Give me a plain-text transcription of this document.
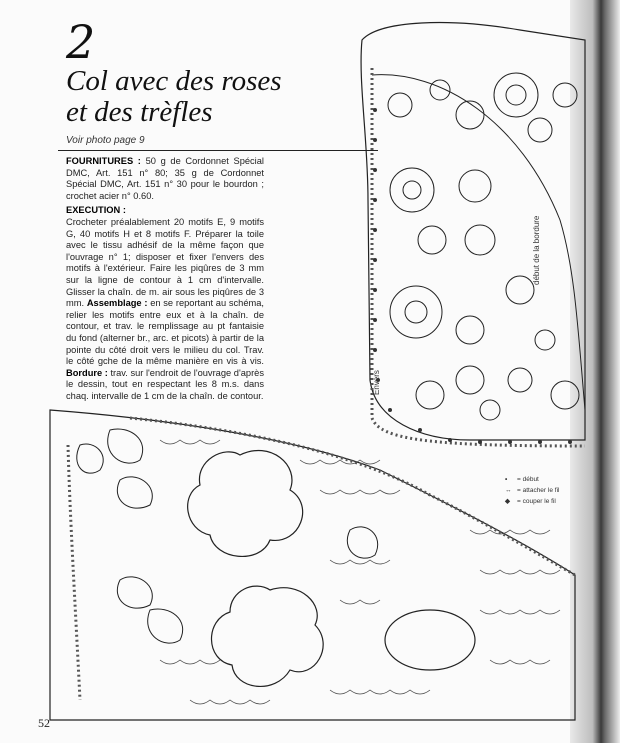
2
Col avec des roses
et des trèfles
Voir photo page 9

FOURNITURES : 50 g de Cordonnet Spécial DMC, Art. 151 n° 80; 35 g de Cordonnet Spécial DMC, Art. 151 n° 30 pour le bourdon ; crochet acier n° 0.60.

EXECUTION :
Crocheter préalablement 20 motifs E, 9 motifs G, 40 motifs H et 8 motifs F. Préparer la toile avec le tissu adhésif de la même façon que l'ouvrage n° 1; disposer et fixer l'envers des motifs à l'extérieur. Faire les piqûres de 3 mm sur la ligne de contour à 1 cm d'intervalle. Glisser la chaîn. de m. air sous les piqûres de 3 mm. Assemblage : en se reportant au schéma, relier les motifs entre eux et à la chaîn. de contour, et trav. le remplissage au pt fantaisie du fond (alterner br., arc. et picots) à partir de la pointe du côté droit vers le milieu du col. Trav. le côté gche de la même manière en vis à vis. Bordure : trav. sur l'endroit de l'ouvrage d'après le dessin, tout en respectant les 8 m.s. dans chaq. intervalle de 1 cm de la chaîn. de contour.

Envers
début de la bordure
• = début
↔ = attacher le fil
◆ = couper le fil
52
